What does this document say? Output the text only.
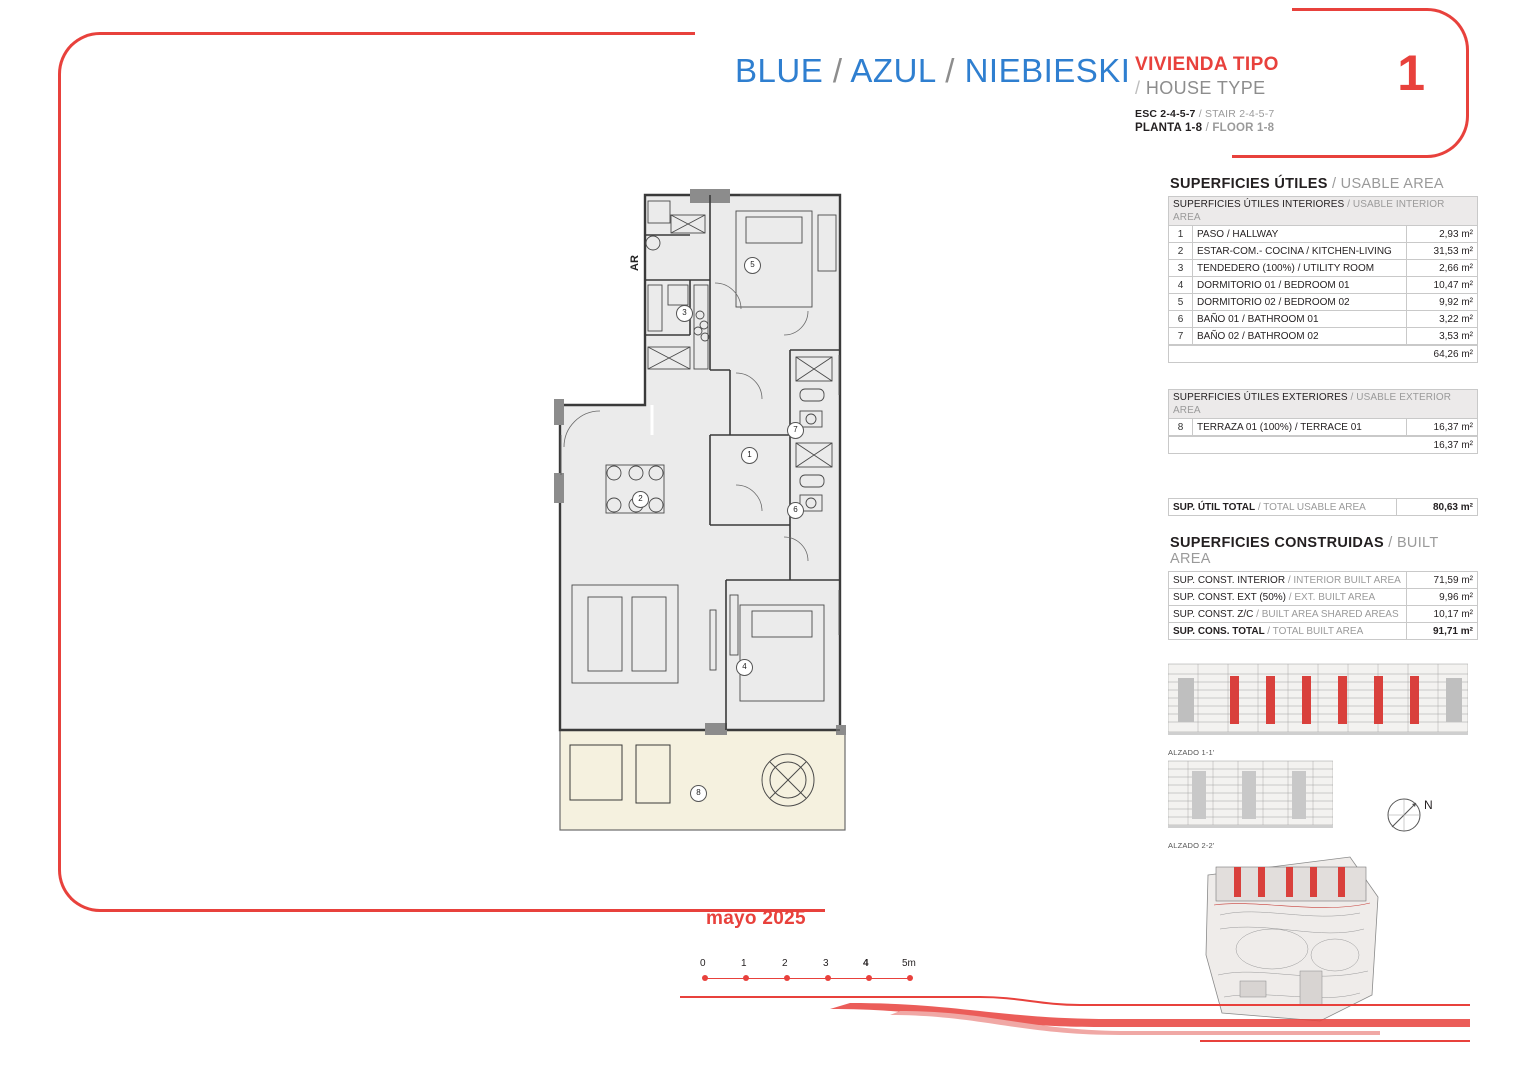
BLUE / AZUL / NIEBIESKI VIVIENDA TIPO
/ HOUSE TYPE	1
ESC 2-4-5-7 / STAIR 2-4-5-7
PLANTA 1-8 / FLOOR 1-8
SUPERFICIES ÚTILES / USABLE AREA
SUPERFICIES ÚTILES INTERIORES / USABLE INTERIOR AREA		
1	PASO / HALLWAY	2,93 m²
2	ESTAR-COM.- COCINA / KITCHEN-LIVING	31,53 m²
3	TENDEDERO (100%) / UTILITY ROOM	2,66 m²
4	DORMITORIO 01 / BEDROOM 01	10,47 m²
5	DORMITORIO 02 / BEDROOM 02	9,92 m²
6	BAÑO 01 / BATHROOM 01	3,22 m²
7	BAÑO 02 / BATHROOM 02	3,53 m²
64,26 m²
SUPERFICIES ÚTILES EXTERIORES / USABLE EXTERIOR AREA
8	TERRAZA 01 (100%) / TERRACE 01	16,37 m²
16,37 m²
SUP. ÚTIL TOTAL / TOTAL USABLE AREA	80,63 m²
SUPERFICIES CONSTRUIDAS / BUILT AREA
SUP. CONST. INTERIOR / INTERIOR BUILT AREA	71,59 m²
SUP. CONST. EXT (50%) / EXT. BUILT AREA	9,96 m²
SUP. CONST. Z/C / BUILT AREA SHARED AREAS	10,17 m²
SUP. CONS. TOTAL / TOTAL BUILT AREA	91,71 m²
ALZADO 1-1'
ALZADO 2-2'
N
AR
1
2
3
4
5
6
7
8
mayo 2025
0	1	2	3	4	5m
